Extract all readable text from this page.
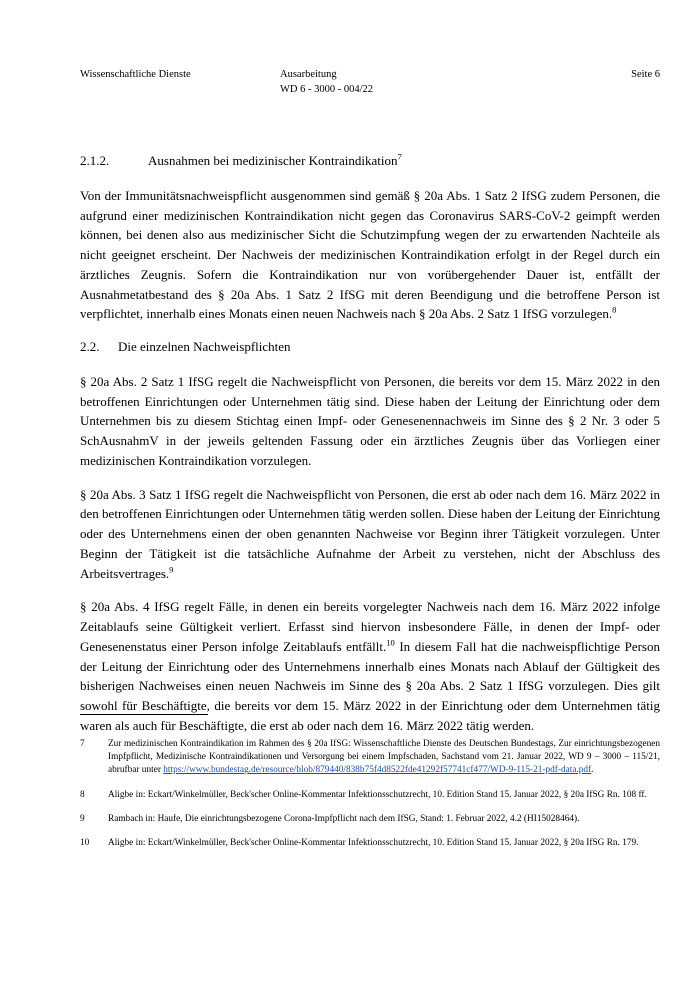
Wissenschaftliche Dienste	Ausarbeitung
WD 6 - 3000 - 004/22
Seite 6
2.1.2.	Ausnahmen bei medizinischer Kontraindikation$^7$

Von der Immunitätsnachweispflicht ausgenommen sind gemäß § 20a Abs. 1 Satz 2 IfSG zudem Personen, die aufgrund einer medizinischen Kontraindikation nicht gegen das Coronavirus SARS-CoV-2 geimpft werden können, bei denen also aus medizinischer Sicht die Schutzimpfung wegen der zu erwartenden Nachteile als nicht geeignet erscheint. Der Nachweis der medizinischen Kontraindikation erfolgt in der Regel durch ein ärztliches Zeugnis. Sofern die Kontraindikation nur von vorübergehender Dauer ist, entfällt der Ausnahmetatbestand des § 20a Abs. 1 Satz 2 IfSG mit deren Beendigung und die betroffene Person ist verpflichtet, innerhalb eines Monats einen neuen Nachweis nach § 20a Abs. 2 Satz 1 IfSG vorzulegen.$^8$

2.2.	Die einzelnen Nachweispflichten

§ 20a Abs. 2 Satz 1 IfSG regelt die Nachweispflicht von Personen, die bereits vor dem 15. März 2022 in den betroffenen Einrichtungen oder Unternehmen tätig sind. Diese haben der Leitung der Einrichtung oder dem Unternehmen bis zu diesem Stichtag einen Impf- oder Genesenennachweis im Sinne des § 2 Nr. 3 oder 5 SchAusnahmV in der jeweils geltenden Fassung oder ein ärztliches Zeugnis über das Vorliegen einer medizinischen Kontraindikation vorzulegen.

§ 20a Abs. 3 Satz 1 IfSG regelt die Nachweispflicht von Personen, die erst ab oder nach dem 16. März 2022 in den betroffenen Einrichtungen oder Unternehmen tätig werden sollen. Diese haben der Leitung der Einrichtung oder des Unternehmens einen der oben genannten Nachweise vor Beginn ihrer Tätigkeit vorzulegen. Unter Beginn der Tätigkeit ist die tatsächliche Aufnahme der Arbeit zu verstehen, nicht der Abschluss des Arbeitsvertrages.$^9$

§ 20a Abs. 4 IfSG regelt Fälle, in denen ein bereits vorgelegter Nachweis nach dem 16. März 2022 infolge Zeitablaufs seine Gültigkeit verliert. Erfasst sind hiervon insbesondere Fälle, in denen der Impf- oder Genesenenstatus einer Person infolge Zeitablaufs entfällt.$^{10}$ In diesem Fall hat die nachweispflichtige Person der Leitung der Einrichtung oder des Unternehmens innerhalb eines Monats nach Ablauf der Gültigkeit des bisherigen Nachweises einen neuen Nachweis im Sinne des § 20a Abs. 2 Satz 1 IfSG vorzulegen. Dies gilt sowohl für Beschäftigte, die bereits vor dem 15. März 2022 in der Einrichtung oder dem Unternehmen tätig waren als auch für Beschäftigte, die erst ab oder nach dem 16. März 2022 tätig werden.

7	Zur medizinischen Kontraindikation im Rahmen des § 20a IfSG: Wissenschaftliche Dienste des Deutschen Bundestags, Zur einrichtungsbezogenen Impfpflicht, Medizinische Kontraindikationen und Versorgung bei einem Impfschaden, Sachstand vom 21. Januar 2022, WD 9 – 3000 – 115/21, abrufbar unter https://www.bundestag.de/resource/blob/879440/838b75f4d8522fde41292f57741cf477/WD-9-115-21-pdf-data.pdf.
8	Aligbe in: Eckart/Winkelmüller, Beck'scher Online-Kommentar Infektionsschutzrecht, 10. Edition Stand 15. Januar 2022, § 20a IfSG Rn. 108 ff.
9	Rambach in: Haufe, Die einrichtungsbezogene Corona-Impfpflicht nach dem IfSG, Stand: 1. Februar 2022, 4.2 (HI15028464).
10	Aligbe in: Eckart/Winkelmüller, Beck'scher Online-Kommentar Infektionsschutzrecht, 10. Edition Stand 15. Januar 2022, § 20a IfSG Rn. 179.
